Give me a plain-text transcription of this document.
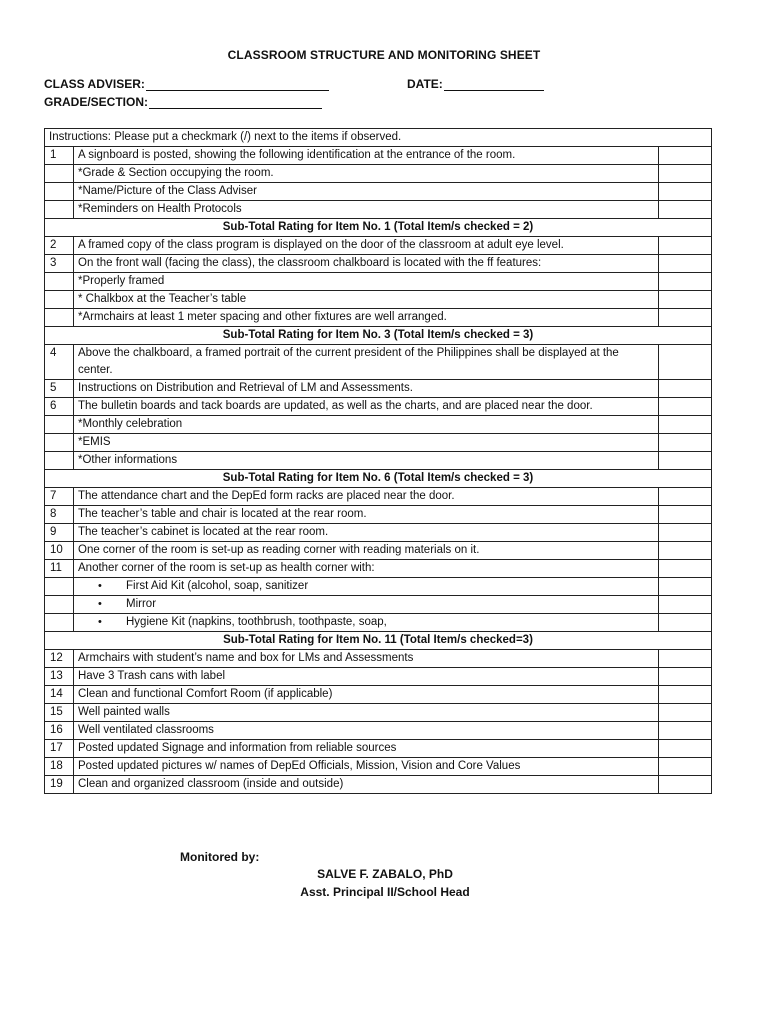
CLASSROOM STRUCTURE AND MONITORING SHEET
CLASS ADVISER:	DATE:
GRADE/SECTION:
Instructions: Please put a checkmark (/) next to the items if observed.		
1	A signboard is posted, showing the following identification at the entrance of the room.	
	*Grade & Section occupying the room.	
	*Name/Picture of the Class Adviser	
	*Reminders on Health Protocols	
Sub-Total Rating for Item No. 1 (Total Item/s checked = 2)		
2	A framed copy of the class program is displayed on the door of the classroom at adult eye level.	
3	On the front wall (facing the class), the classroom chalkboard is located with the ff features:	
	*Properly framed	
	* Chalkbox at the Teacher’s table	
	*Armchairs at least 1 meter spacing and other fixtures are well arranged.	
Sub-Total Rating for Item No. 3 (Total Item/s checked = 3)		
4	Above the chalkboard, a framed portrait of the current president of the Philippines shall be displayed at the center.	
5	Instructions on Distribution and Retrieval of LM and Assessments.	
6	The bulletin boards and tack boards are updated, as well as the charts, and are placed near the door.	
	*Monthly celebration	
	*EMIS	
	*Other informations	
Sub-Total Rating for Item No. 6 (Total Item/s checked = 3)		
7	The attendance chart and the DepEd form racks are placed near the door.	
8	The teacher’s table and chair is located at the rear room.	
9	The teacher’s cabinet is located at the rear room.	
10	One corner of the room is set-up as reading corner with reading materials on it.	
11	Another corner of the room is set-up as health corner with:	
	• First Aid Kit (alcohol, soap, sanitizer	
	• Mirror	
	• Hygiene Kit (napkins, toothbrush, toothpaste, soap,	
Sub-Total Rating for Item No. 11 (Total Item/s checked=3)		
12	Armchairs with student’s name and box for LMs and Assessments	
13	Have 3 Trash cans with label	
14	Clean and functional Comfort Room (if applicable)	
15	Well painted walls	
16	Well ventilated classrooms	
17	Posted updated Signage and information from reliable sources	
18	Posted updated pictures w/ names of DepEd Officials, Mission, Vision and Core Values	
19	Clean and organized classroom (inside and outside)	
Monitored by:
SALVE F. ZABALO, PhD
Asst. Principal II/School Head
